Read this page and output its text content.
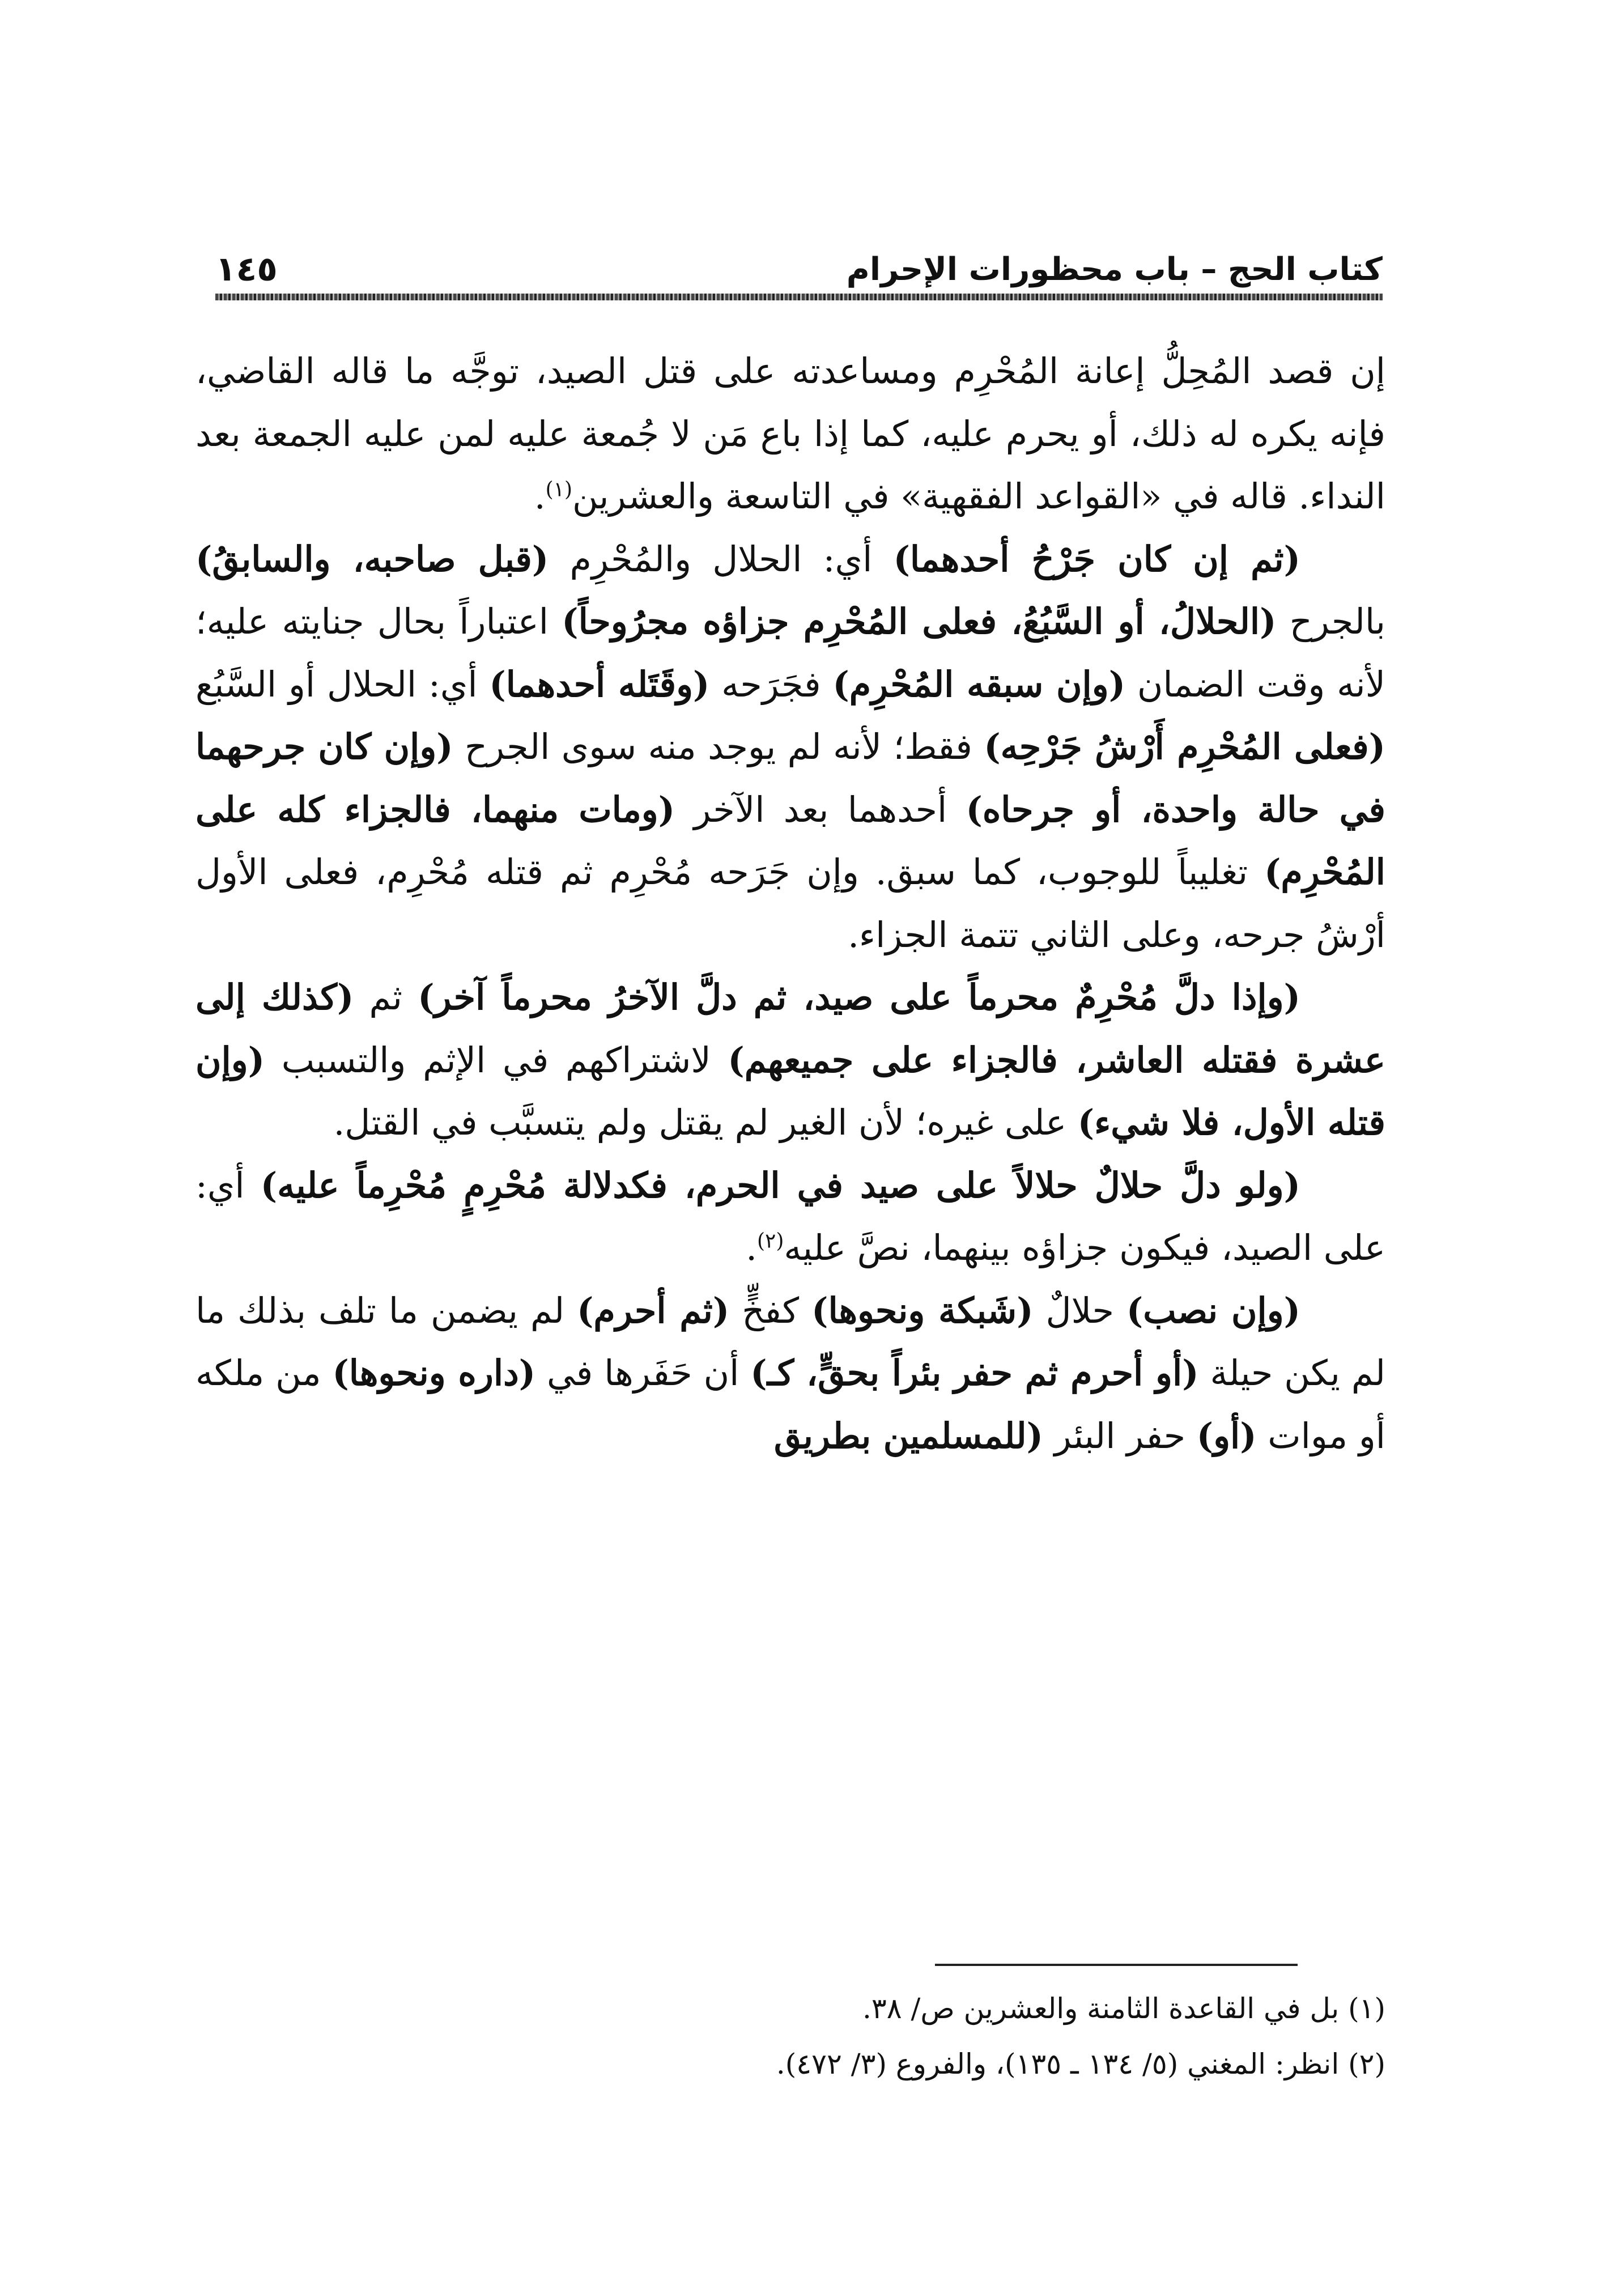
كتاب الحج – باب محظورات الإحرام
١٤٥

إن قصد المُحِلُّ إعانة المُحْرِم ومساعدته على قتل الصيد، توجَّه ما قاله القاضي، فإنه يكره له ذلك، أو يحرم عليه، كما إذا باع مَن لا جُمعة عليه لمن عليه الجمعة بعد النداء. قاله في «القواعد الفقهية» في التاسعة والعشرين$^{(١)}$.

(ثم إن كان جَرْحُ أحدهما) أي: الحلال والمُحْرِم (قبل صاحبه، والسابقُ) بالجرح (الحلالُ، أو السَّبُعُ، فعلى المُحْرِم جزاؤه مجرُوحاً) اعتباراً بحال جنايته عليه؛ لأنه وقت الضمان (وإن سبقه المُحْرِم) فجَرَحه (وقَتَله أحدهما) أي: الحلال أو السَّبُع (فعلى المُحْرِم أَرْشُ جَرْحِه) فقط؛ لأنه لم يوجد منه سوى الجرح (وإن كان جرحهما في حالة واحدة، أو جرحاه) أحدهما بعد الآخر (ومات منهما، فالجزاء كله على المُحْرِم) تغليباً للوجوب، كما سبق. وإن جَرَحه مُحْرِم ثم قتله مُحْرِم، فعلى الأول أرْشُ جرحه، وعلى الثاني تتمة الجزاء.

(وإذا دلَّ مُحْرِمٌ محرماً على صيد، ثم دلَّ الآخرُ محرماً آخر) ثم (كذلك إلى عشرة فقتله العاشر، فالجزاء على جميعهم) لاشتراكهم في الإثم والتسبب (وإن قتله الأول، فلا شيء) على غيره؛ لأن الغير لم يقتل ولم يتسبَّب في القتل.

(ولو دلَّ حلالٌ حلالاً على صيد في الحرم، فكدلالة مُحْرِمٍ مُحْرِماً عليه) أي: على الصيد، فيكون جزاؤه بينهما، نصَّ عليه$^{(٢)}$.

(وإن نصب) حلالٌ (شَبكة ونحوها) كفخٍّ (ثم أحرم) لم يضمن ما تلف بذلك ما لم يكن حيلة (أو أحرم ثم حفر بئراً بحقٍّ، كـ) أن حَفَرها في (داره ونحوها) من ملكه أو موات (أو) حفر البئر (للمسلمين بطريق

(١) بل في القاعدة الثامنة والعشرين ص/ ٣٨.

(٢) انظر: المغني (٥/ ١٣٤ ـ ١٣٥)، والفروع (٣/ ٤٧٢).
